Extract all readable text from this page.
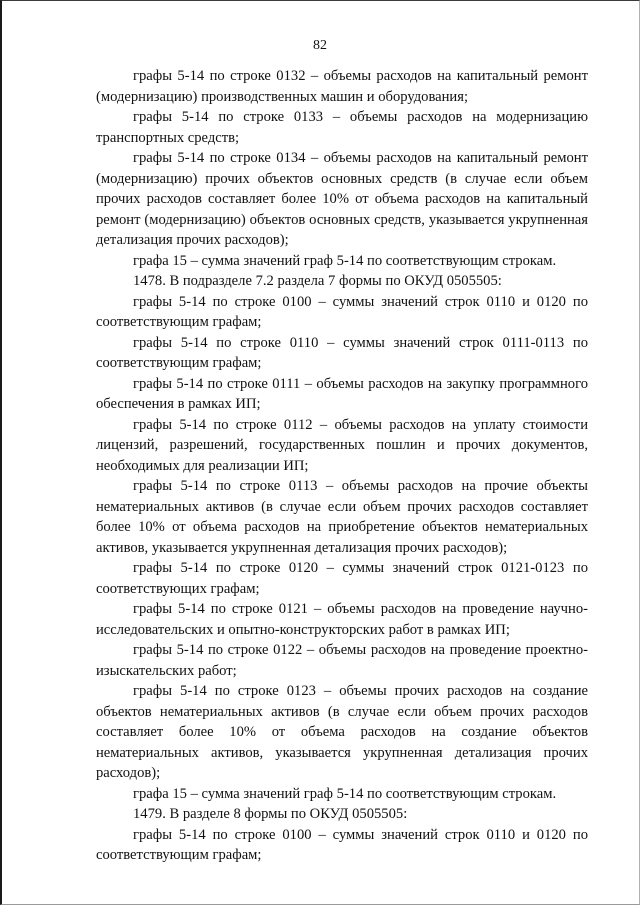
82

графы 5-14 по строке 0132 – объемы расходов на капитальный ремонт (модернизацию) производственных машин и оборудования;

графы 5-14 по строке 0133 – объемы расходов на модернизацию транспортных средств;

графы 5-14 по строке 0134 – объемы расходов на капитальный ремонт (модернизацию) прочих объектов основных средств (в случае если объем прочих расходов составляет более 10% от объема расходов на капитальный ремонт (модернизацию) объектов основных средств, указывается укрупненная детализация прочих расходов);

графа 15 – сумма значений граф 5-14 по соответствующим строкам.

1478. В подразделе 7.2 раздела 7 формы по ОКУД 0505505:

графы 5-14 по строке 0100 – суммы значений строк 0110 и 0120 по соответствующим графам;

графы 5-14 по строке 0110 – суммы значений строк 0111-0113 по соответствующим графам;

графы 5-14 по строке 0111 – объемы расходов на закупку программного обеспечения в рамках ИП;

графы 5-14 по строке 0112 – объемы расходов на уплату стоимости лицензий, разрешений, государственных пошлин и прочих документов, необходимых для реализации ИП;

графы 5-14 по строке 0113 – объемы расходов на прочие объекты нематериальных активов (в случае если объем прочих расходов составляет более 10% от объема расходов на приобретение объектов нематериальных активов, указывается укрупненная детализация прочих расходов);

графы 5-14 по строке 0120 – суммы значений строк 0121-0123 по соответствующих графам;

графы 5-14 по строке 0121 – объемы расходов на проведение научно-исследовательских и опытно-конструкторских работ в рамках ИП;

графы 5-14 по строке 0122 – объемы расходов на проведение проектно-изыскательских работ;

графы 5-14 по строке 0123 – объемы прочих расходов на создание объектов нематериальных активов (в случае если объем прочих расходов составляет более 10% от объема расходов на создание объектов нематериальных активов, указывается укрупненная детализация прочих расходов);

графа 15 – сумма значений граф 5-14 по соответствующим строкам.

1479. В разделе 8 формы по ОКУД 0505505:

графы 5-14 по строке 0100 – суммы значений строк 0110 и 0120 по соответствующим графам;
